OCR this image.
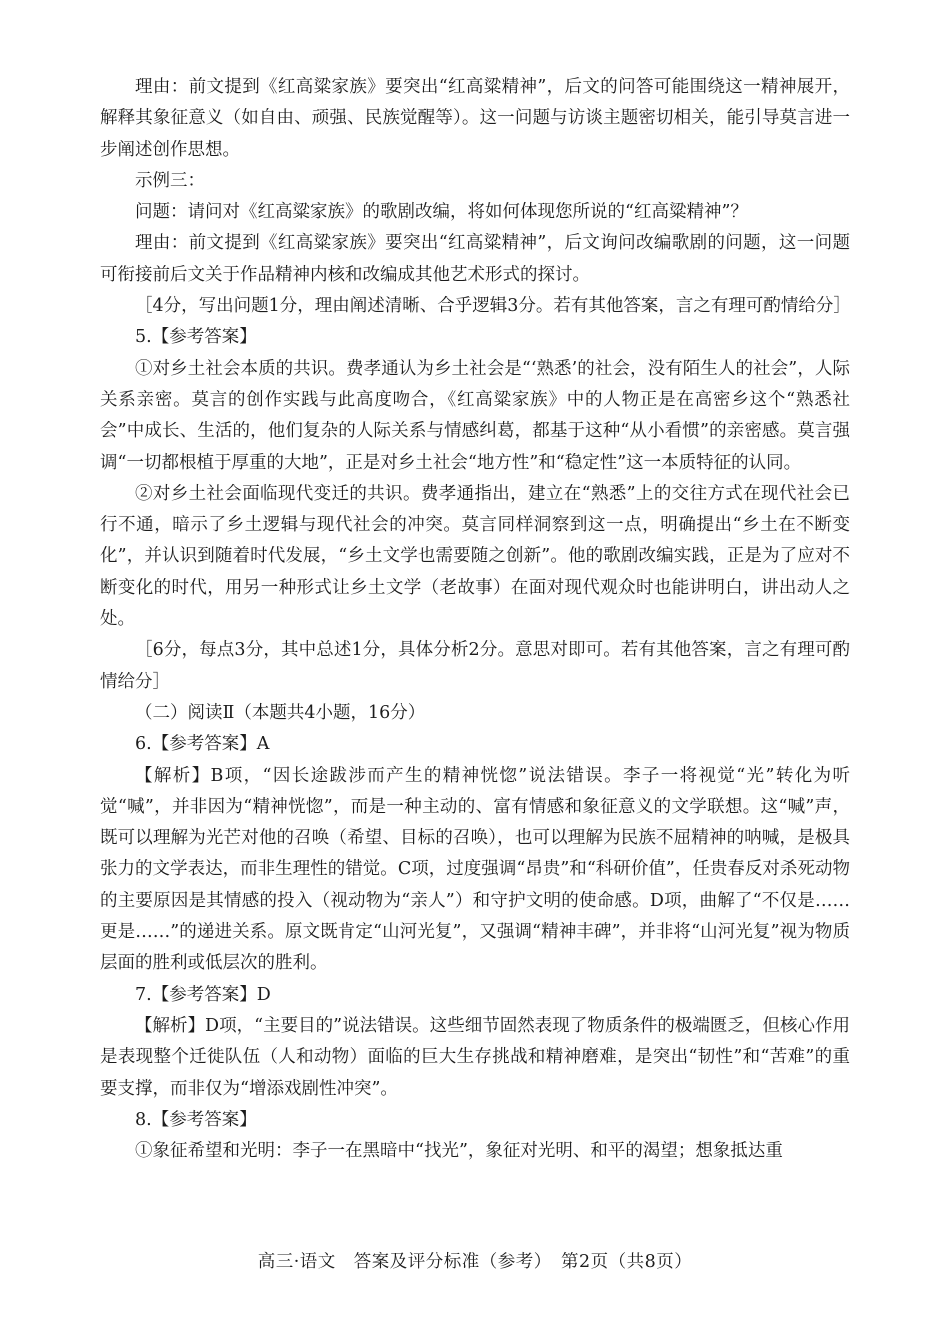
理由：前文提到《红高粱家族》要突出“红高粱精神”，后文的问答可能围绕这一精神展开，解释其象征意义（如自由、顽强、民族觉醒等）。这一问题与访谈主题密切相关，能引导莫言进一步阐述创作思想。

示例三：

问题：请问对《红高粱家族》的歌剧改编，将如何体现您所说的“红高粱精神”？

理由：前文提到《红高粱家族》要突出“红高粱精神”，后文询问改编歌剧的问题，这一问题可衔接前后文关于作品精神内核和改编成其他艺术形式的探讨。

［4分，写出问题1分，理由阐述清晰、合乎逻辑3分。若有其他答案，言之有理可酌情给分］

5.【参考答案】

①对乡土社会本质的共识。费孝通认为乡土社会是“‘熟悉’的社会，没有陌生人的社会”，人际关系亲密。莫言的创作实践与此高度吻合，《红高粱家族》中的人物正是在高密乡这个“熟悉社会”中成长、生活的，他们复杂的人际关系与情感纠葛，都基于这种“从小看惯”的亲密感。莫言强调“一切都根植于厚重的大地”，正是对乡土社会“地方性”和“稳定性”这一本质特征的认同。

②对乡土社会面临现代变迁的共识。费孝通指出，建立在“熟悉”上的交往方式在现代社会已行不通，暗示了乡土逻辑与现代社会的冲突。莫言同样洞察到这一点，明确提出“乡土在不断变化”，并认识到随着时代发展，“乡土文学也需要随之创新”。他的歌剧改编实践，正是为了应对不断变化的时代，用另一种形式让乡土文学（老故事）在面对现代观众时也能讲明白，讲出动人之处。

［6分，每点3分，其中总述1分，具体分析2分。意思对即可。若有其他答案，言之有理可酌情给分］

（二）阅读Ⅱ（本题共4小题，16分）

6.【参考答案】A

【解析】B项，“因长途跋涉而产生的精神恍惚”说法错误。李子一将视觉“光”转化为听觉“喊”，并非因为“精神恍惚”，而是一种主动的、富有情感和象征意义的文学联想。这“喊”声，既可以理解为光芒对他的召唤（希望、目标的召唤），也可以理解为民族不屈精神的呐喊，是极具张力的文学表达，而非生理性的错觉。C项，过度强调“昂贵”和“科研价值”，任贵春反对杀死动物的主要原因是其情感的投入（视动物为“亲人”）和守护文明的使命感。D项，曲解了“不仅是……更是……”的递进关系。原文既肯定“山河光复”，又强调“精神丰碑”，并非将“山河光复”视为物质层面的胜利或低层次的胜利。

7.【参考答案】D

【解析】D项，“主要目的”说法错误。这些细节固然表现了物质条件的极端匮乏，但核心作用是表现整个迁徙队伍（人和动物）面临的巨大生存挑战和精神磨难，是突出“韧性”和“苦难”的重要支撑，而非仅为“增添戏剧性冲突”。

8.【参考答案】

①象征希望和光明：李子一在黑暗中“找光”，象征对光明、和平的渴望；想象抵达重

高三·语文　答案及评分标准（参考）　第2页（共8页）
